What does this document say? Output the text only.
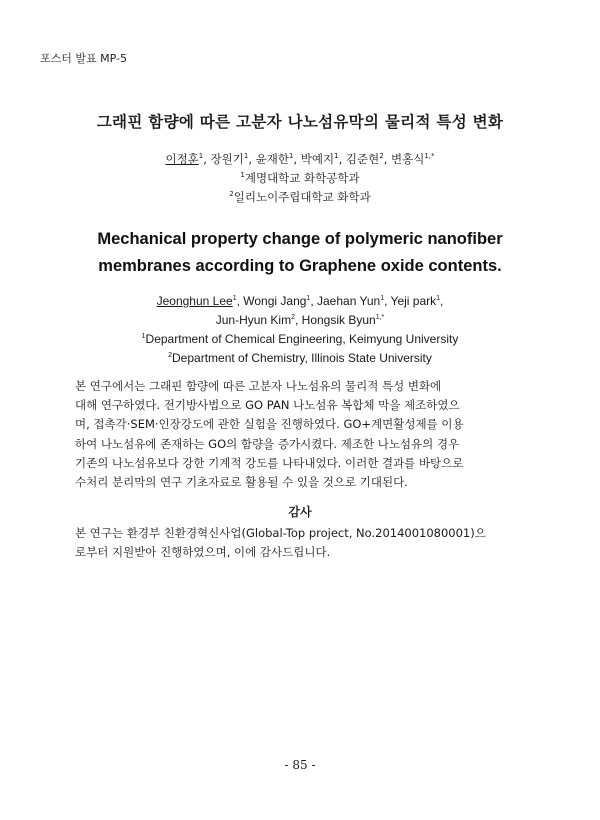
포스터 발표 MP-5
그래핀 함량에 따른 고분자 나노섬유막의 물리적 특성 변화
이정훈$^1$, 장원기$^1$, 윤재한$^1$, 박예지$^1$, 김준현$^2$, 변홍식$^{1,*}$
$^1$계명대학교 화학공학과
$^2$일리노이주립대학교 화학과
Mechanical property change of polymeric nanofiber
membranes according to Graphene oxide contents.
Jeonghun Lee$^1$, Wongi Jang$^1$, Jaehan Yun$^1$, Yeji park$^1$,
Jun-Hyun Kim$^2$, Hongsik Byun$^{1,*}$
$^1$Department of Chemical Engineering, Keimyung University
$^2$Department of Chemistry, Illinois State University
본 연구에서는 그래핀 함량에 따른 고분자 나노섬유의 물리적 특성 변화에
대해 연구하였다. 전기방사법으로 GO PAN 나노섬유 복합체 막을 제조하였으
며, 접촉각·SEM·인장강도에 관한 실험을 진행하였다. GO+계면활성제를 이용
하여 나노섬유에 존재하는 GO의 함량을 증가시켰다. 제조한 나노섬유의 경우
기존의 나노섬유보다 강한 기계적 강도를 나타내었다. 이러한 결과를 바탕으로
수처리 분리막의 연구 기초자료로 활용될 수 있을 것으로 기대된다.
감사
본 연구는 환경부 친환경혁신사업(Global-Top project, No.2014001080001)으
로부터 지원받아 진행하였으며, 이에 감사드립니다.
- 85 -
